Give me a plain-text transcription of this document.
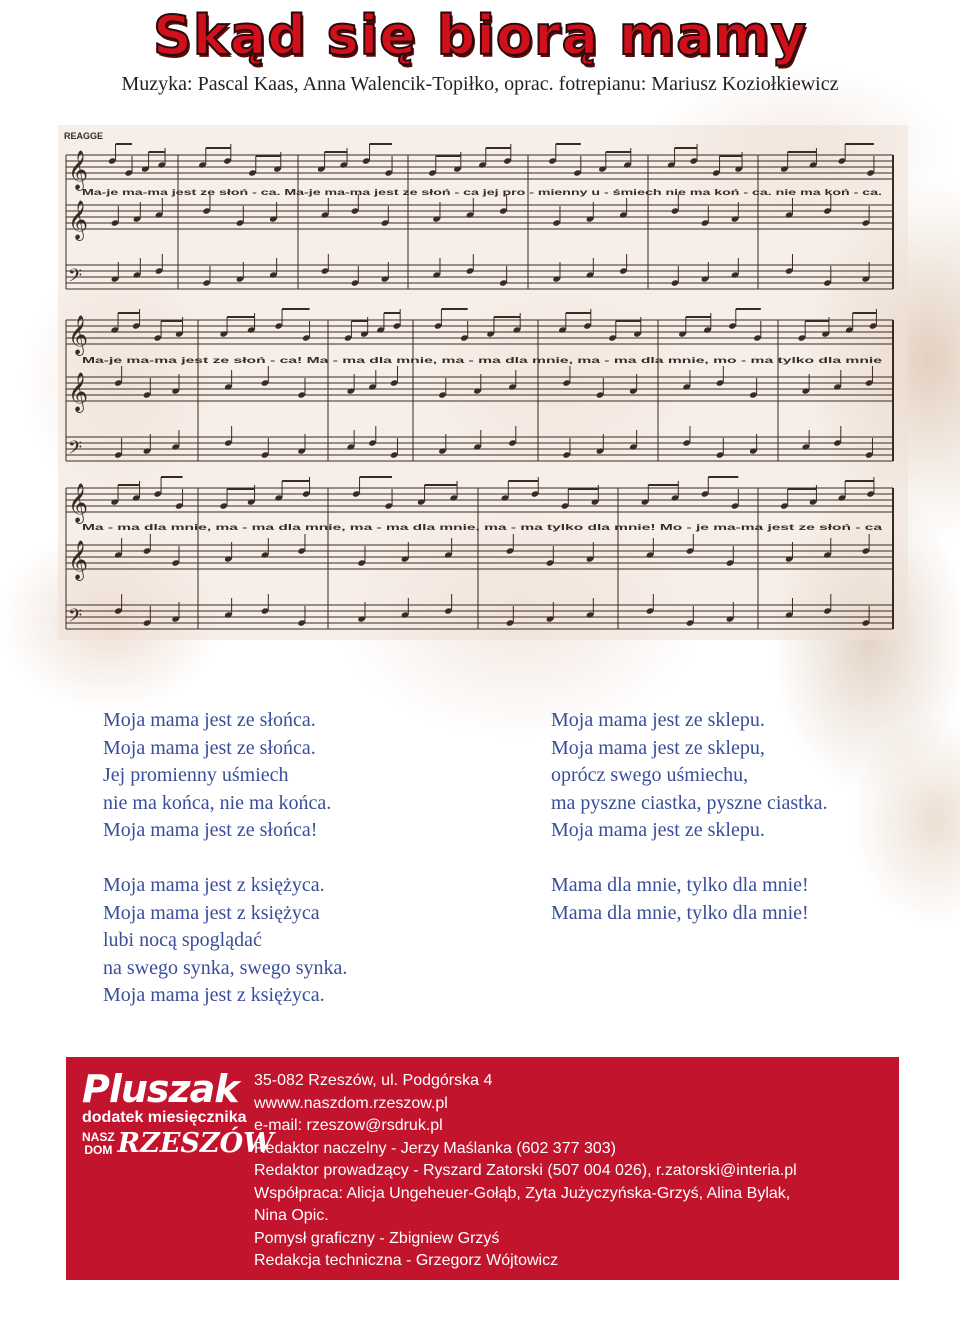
Skąd się biorą mamy
Muzyka: Pascal Kaas, Anna Walencik-Topiłko, oprac. fotrepianu: Mariusz Koziołkiewicz
REAGGE
𝄞
𝄞
𝄢
Ma-je ma-ma jest ze słoń - ca. Ma-je ma-ma jest ze słoń - ca jej pro - mienny u - śmiech nie ma koń - ca. nie ma koń - ca.
𝄞
𝄞
𝄢
Ma-je ma-ma jest ze słoń - ca! Ma - ma dla mnie, ma - ma dla mnie, ma - ma dla mnie, mo - ma tylko dla mnie
𝄞
𝄞
𝄢
Ma - ma dla mnie, ma - ma dla mnie, ma - ma dla mnie, ma - ma tylko dla mnie! Mo - je ma-ma jest ze słoń - ca

Moja mama jest ze słońca.

Moja mama jest ze słońca.

Jej promienny uśmiech

nie ma końca, nie ma końca.

Moja mama jest ze słońca!

Moja mama jest z księżyca.

Moja mama jest z księżyca

lubi nocą spoglądać

na swego synka, swego synka.

Moja mama jest z księżyca.

Moja mama jest ze sklepu.

Moja mama jest ze sklepu,

oprócz swego uśmiechu,

ma pyszne ciastka, pyszne ciastka.

Moja mama jest ze sklepu.

Mama dla mnie, tylko dla mnie!

Mama dla mnie, tylko dla mnie!

Pluszak
dodatek miesięcznika
NASZ
DOM RZESZÓW

35-082 Rzeszów, ul. Podgórska 4

wwww.naszdom.rzeszow.pl

e-mail: rzeszow@rsdruk.pl

Redaktor naczelny - Jerzy Maślanka (602 377 303)

Redaktor prowadzący - Ryszard Zatorski (507 004 026), r.zatorski@interia.pl

Współpraca: Alicja Ungeheuer-Gołąb, Zyta Jużyczyńska-Grzyś, Alina Bylak,

Nina Opic.

Pomysł graficzny - Zbigniew Grzyś

Redakcja techniczna - Grzegorz Wójtowicz
